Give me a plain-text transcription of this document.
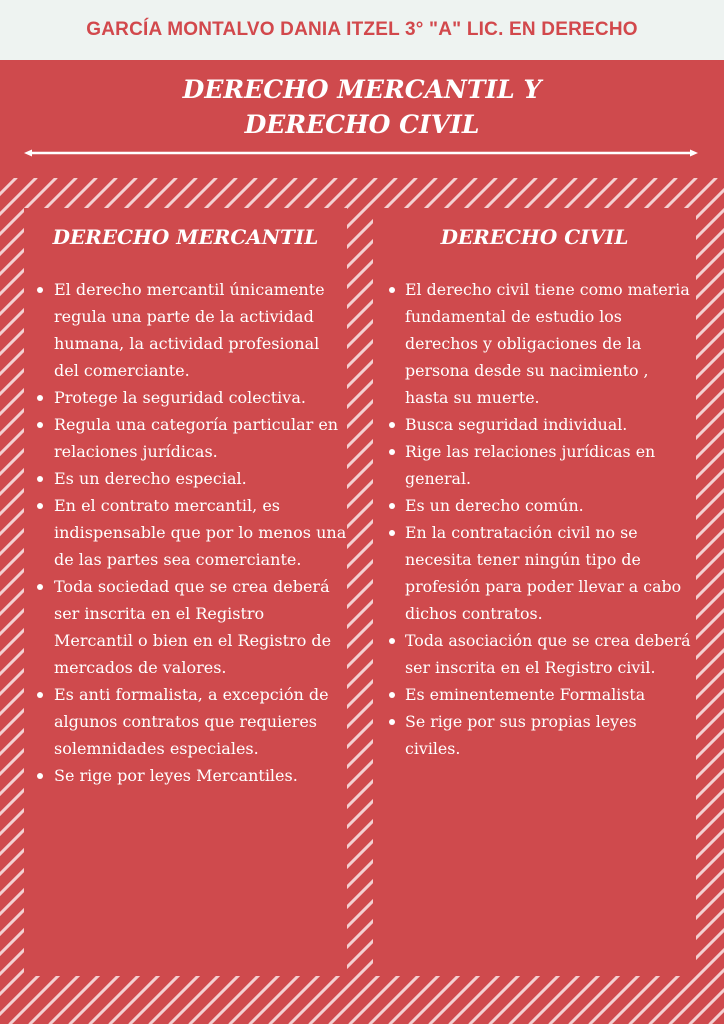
GARCÍA MONTALVO DANIA ITZEL 3° "A" LIC. EN DERECHO
DERECHO MERCANTIL Y
DERECHO CIVIL
DERECHO MERCANTIL
El derecho mercantil únicamente regula una parte de la actividad humana, la actividad profesional del comerciante.
Protege la seguridad colectiva.
Regula una categoría particular en relaciones jurídicas.
Es un derecho especial.
En el contrato mercantil, es indispensable que por lo menos una de las partes sea comerciante.
Toda sociedad que se crea deberá ser inscrita en el Registro Mercantil o bien en el Registro de mercados de valores.
Es anti formalista, a excepción de algunos contratos que requieres solemnidades especiales.
Se rige por leyes Mercantiles.
DERECHO CIVIL
El derecho civil tiene como materia fundamental de estudio los derechos y obligaciones de la persona desde su nacimiento , hasta su muerte.
Busca seguridad individual.
Rige las relaciones jurídicas en general.
Es un derecho común.
En la contratación civil no se necesita tener ningún tipo de profesión para poder llevar a cabo dichos contratos.
Toda asociación que se crea deberá ser inscrita en el Registro civil.
Es eminentemente Formalista
Se rige por sus propias leyes civiles.
